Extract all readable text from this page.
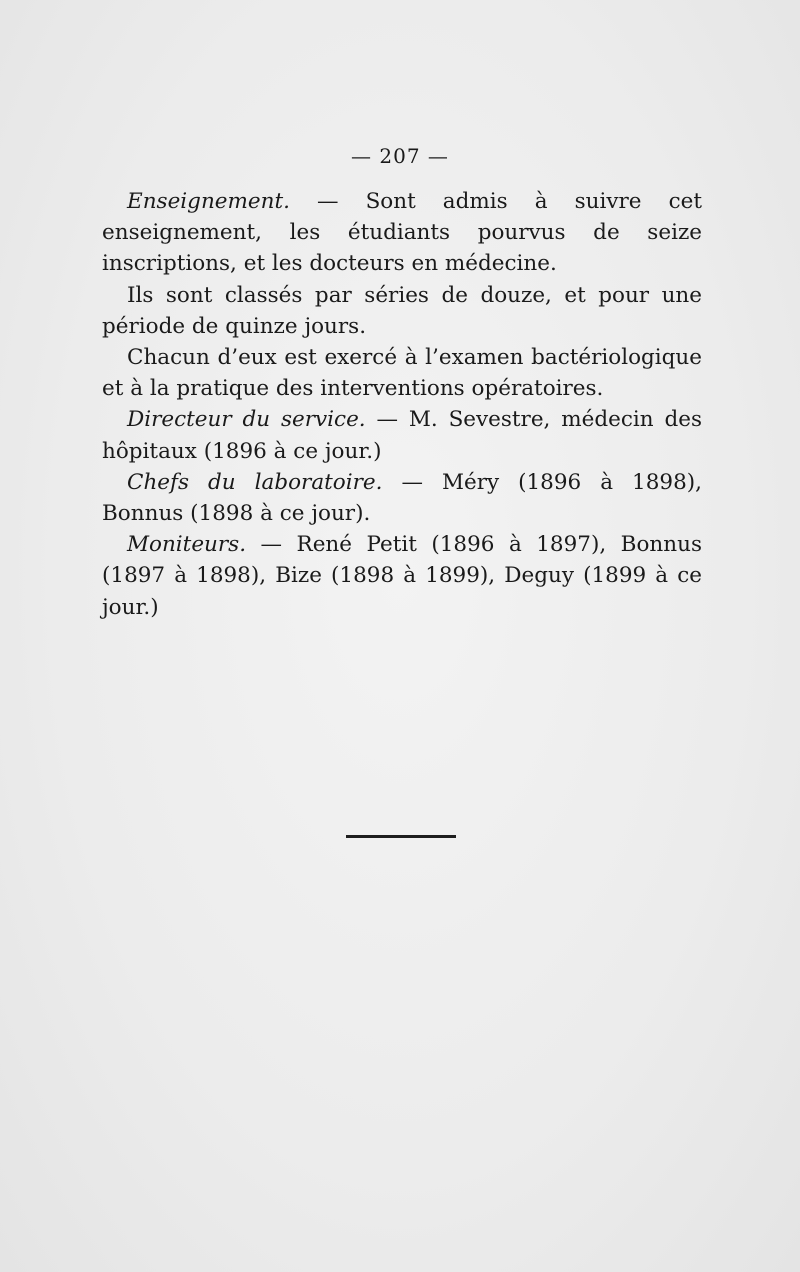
— 207 —

Enseignement. — Sont admis à suivre cet enseignement, les étudiants pourvus de seize inscriptions, et les docteurs en médecine.

Ils sont classés par séries de douze, et pour une période de quinze jours.

Chacun d’eux est exercé à l’examen bactériologique et à la pratique des interventions opératoires.

Directeur du service. — M. Sevestre, médecin des hôpitaux (1896 à ce jour.)

Chefs du laboratoire. — Méry (1896 à 1898), Bonnus (1898 à ce jour).

Moniteurs. — René Petit (1896 à 1897), Bonnus (1897 à 1898), Bize (1898 à 1899), Deguy (1899 à ce jour.)
